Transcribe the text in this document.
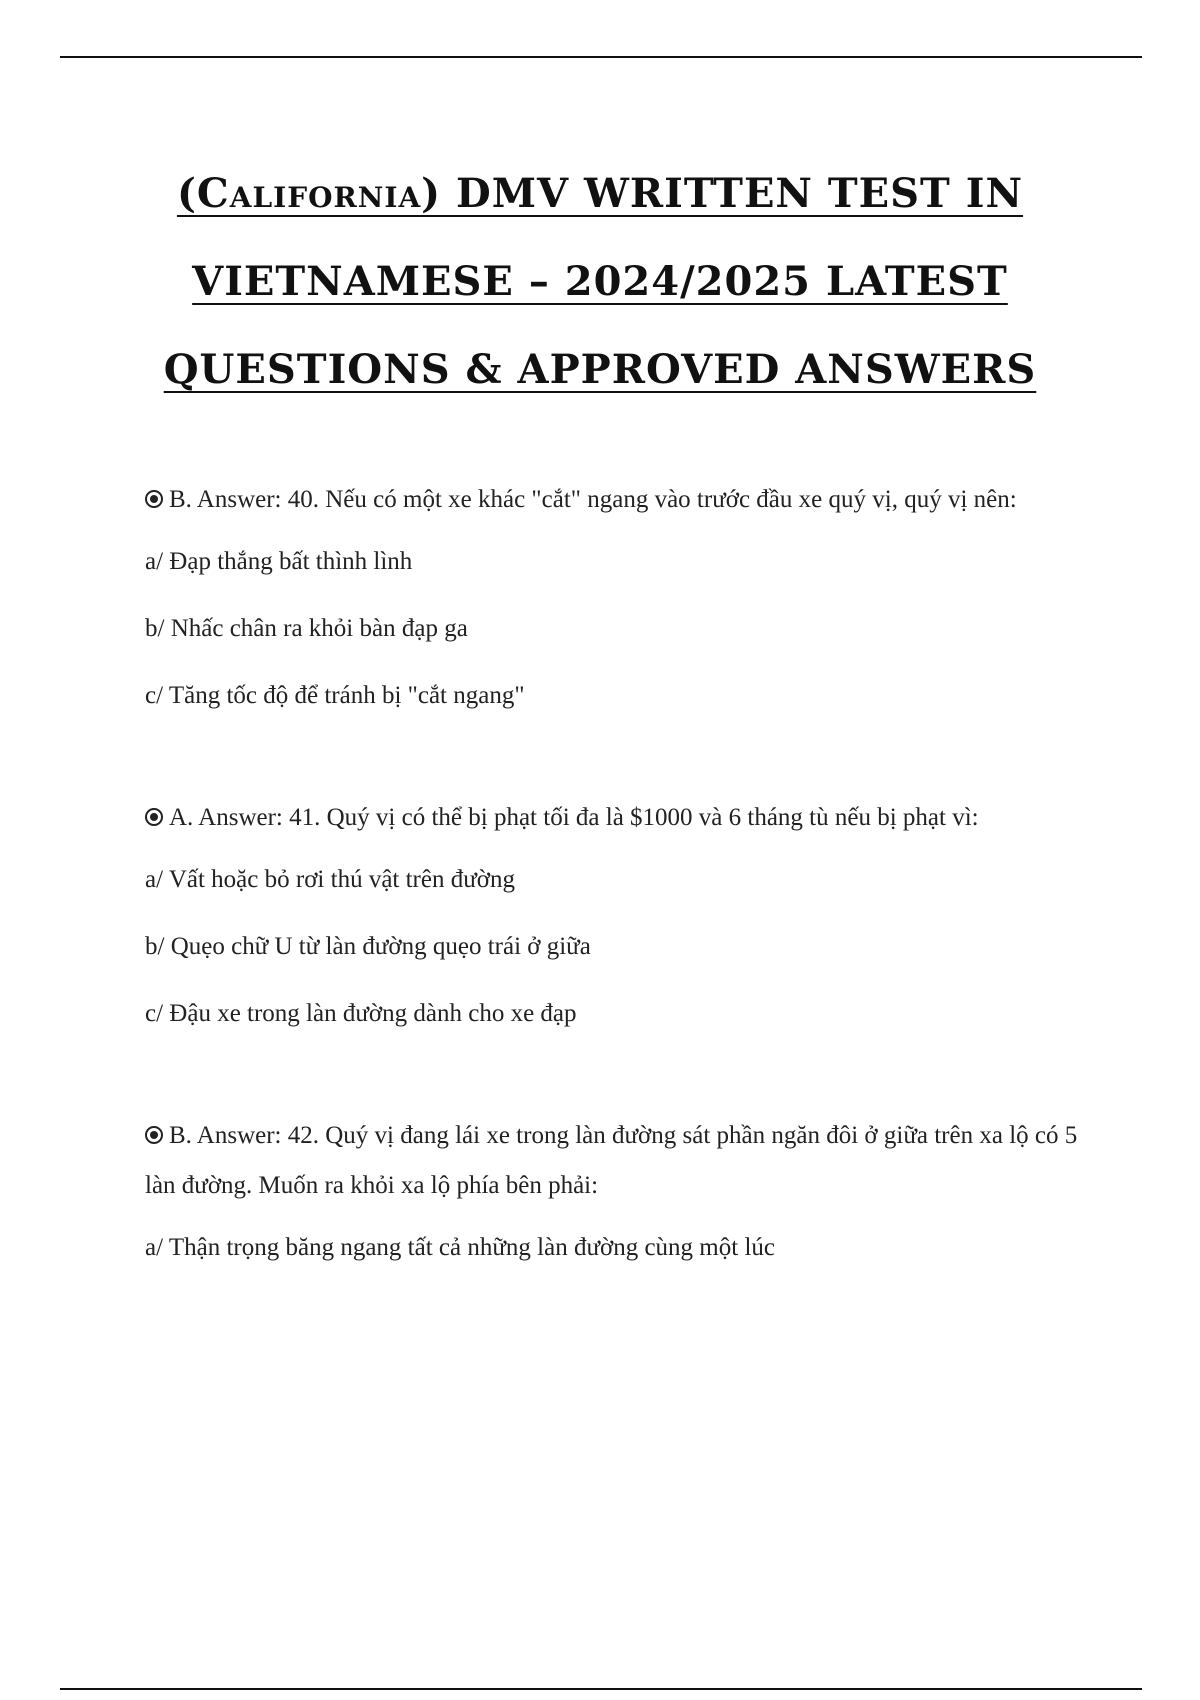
(California) DMV WRITTEN TEST IN
VIETNAMESE – 2024/2025 LATEST
QUESTIONS & APPROVED ANSWERS

B. Answer: 40. Nếu có một xe khác "cắt" ngang vào trước đầu xe quý vị, quý vị nên:

a/ Đạp thắng bất thình lình

b/ Nhấc chân ra khỏi bàn đạp ga

c/ Tăng tốc độ để tránh bị "cắt ngang"

A. Answer: 41. Quý vị có thể bị phạt tối đa là $1000 và 6 tháng tù nếu bị phạt vì:

a/ Vất hoặc bỏ rơi thú vật trên đường

b/ Quẹo chữ U từ làn đường quẹo trái ở giữa

c/ Đậu xe trong làn đường dành cho xe đạp

B. Answer: 42. Quý vị đang lái xe trong làn đường sát phần ngăn đôi ở giữa trên xa lộ có 5 làn đường. Muốn ra khỏi xa lộ phía bên phải:

a/ Thận trọng băng ngang tất cả những làn đường cùng một lúc
